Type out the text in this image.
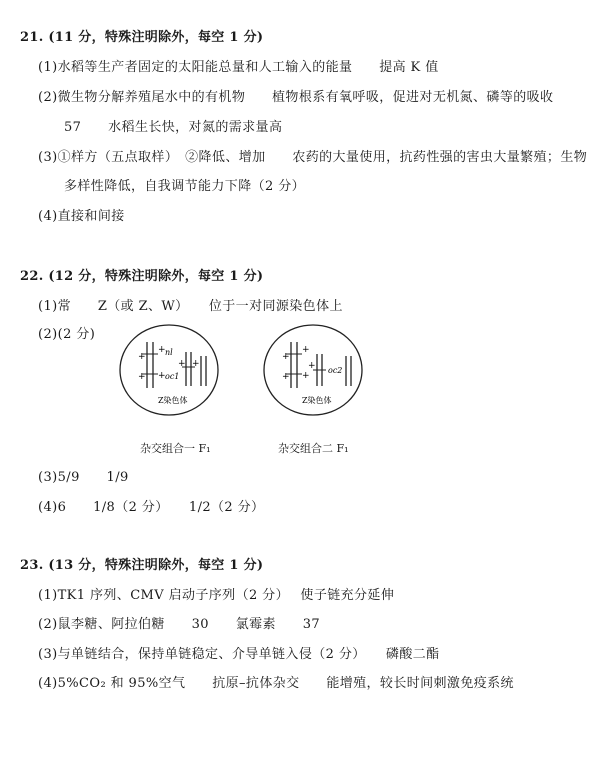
21. (11 分，特殊注明除外，每空 1 分)
(1)水稻等生产者固定的太阳能总量和人工输入的能量　　提高 K 值
(2)微生物分解养殖尾水中的有机物　　植物根系有氧呼吸，促进对无机氮、磷等的吸收
57　　水稻生长快，对氮的需求量高
(3)①样方（五点取样）　②降低、增加　　农药的大量使用，抗药性强的害虫大量繁殖；生物
多样性降低，自我调节能力下降（2 分）
(4)直接和间接
22. (12 分，特殊注明除外，每空 1 分)
(1)常　　Z（或 Z、W）　　位于一对同源染色体上
(2)(2 分)
+
+
+
+
nl
oc1
+ +
Z染色体
+
+
+
+
+ oc2
Z染色体
杂交组合一 F₁	杂交组合二 F₁
(3)5/9　　1/9
(4)6　　1/8（2 分）　　1/2（2 分）
23. (13 分，特殊注明除外，每空 1 分)
(1)TK1 序列、CMV 启动子序列（2 分）　 使子链充分延伸
(2)鼠李糖、阿拉伯糖　　30　　氯霉素　　37
(3)与单链结合，保持单链稳定、介导单链入侵（2 分）　　磷酸二酯
(4)5%CO₂ 和 95%空气　　抗原–抗体杂交　　能增殖，较长时间刺激免疫系统
